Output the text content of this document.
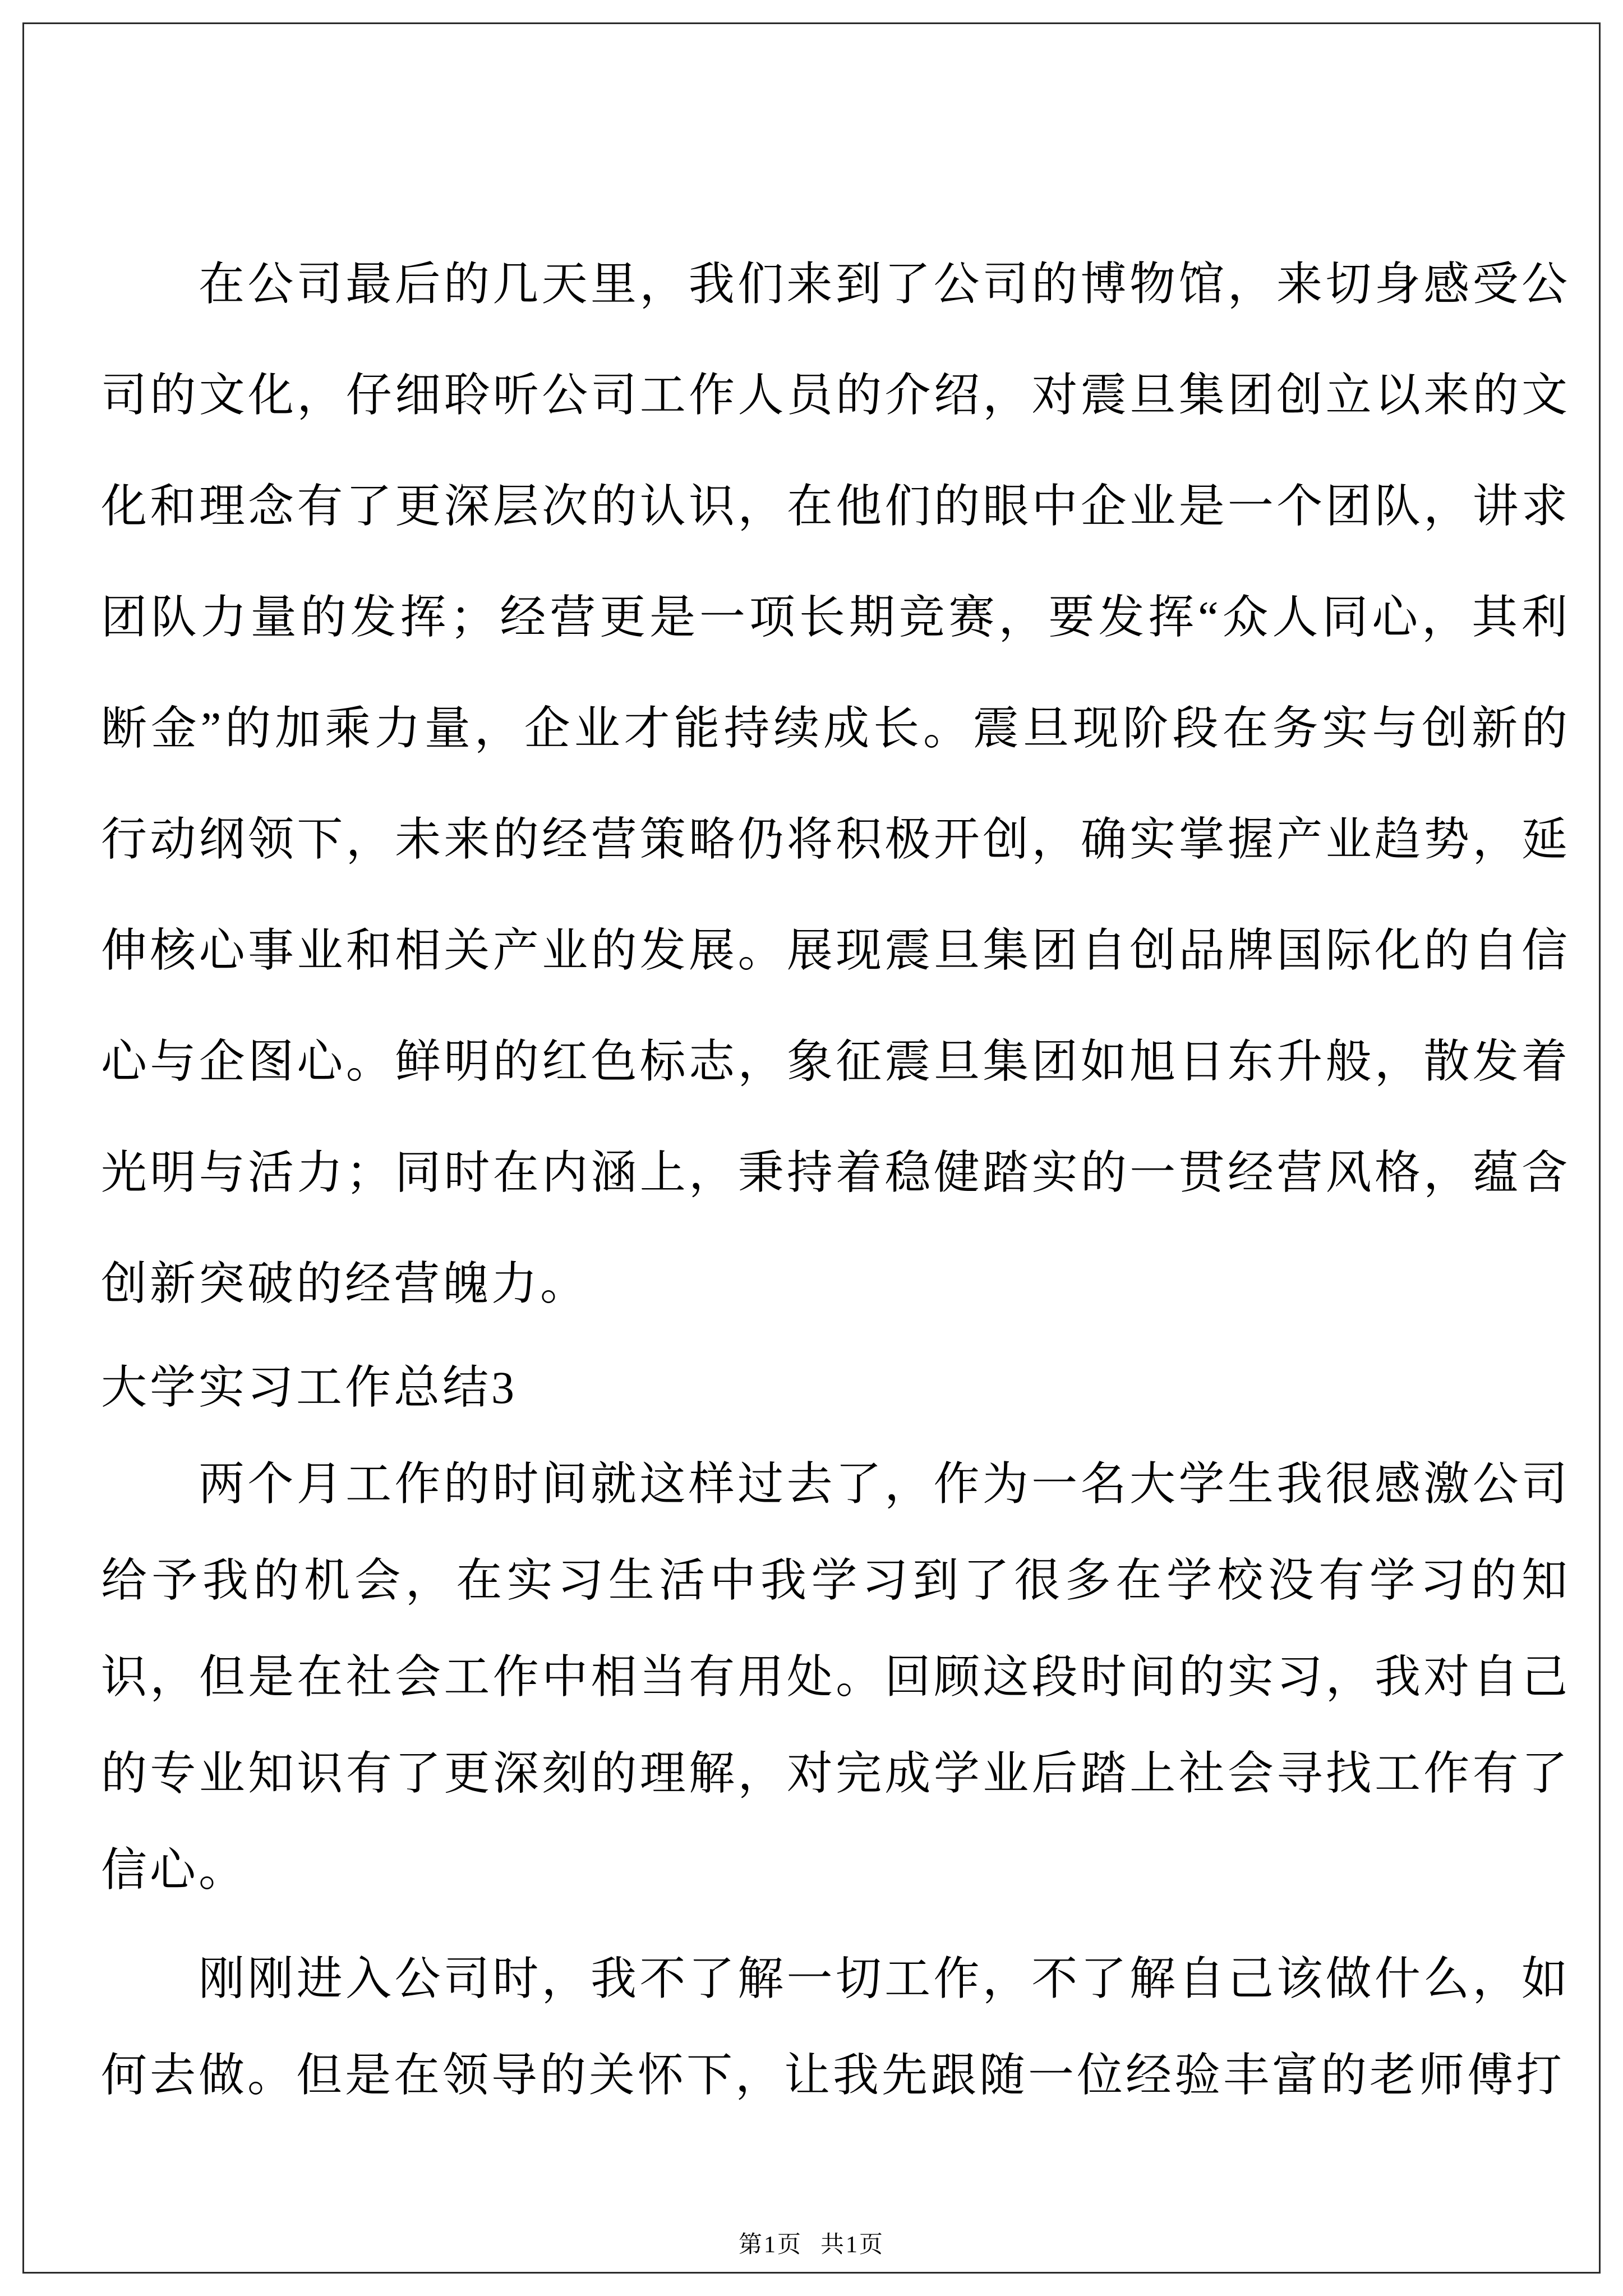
在公司最后的几天里，我们来到了公司的博物馆，来切身感受公司的文化，仔细聆听公司工作人员的介绍，对震旦集团创立以来的文化和理念有了更深层次的认识，在他们的眼中企业是一个团队，讲求团队力量的发挥；经营更是一项长期竞赛，要发挥“众人同心，其利断金”的加乘力量，企业才能持续成长。震旦现阶段在务实与创新的行动纲领下，未来的经营策略仍将积极开创，确实掌握产业趋势，延伸核心事业和相关产业的发展。展现震旦集团自创品牌国际化的自信心与企图心。鲜明的红色标志，象征震旦集团如旭日东升般，散发着光明与活力；同时在内涵上，秉持着稳健踏实的一贯经营风格，蕴含创新突破的经营魄力。

大学实习工作总结3

两个月工作的时间就这样过去了，作为一名大学生我很感激公司给予我的机会，在实习生活中我学习到了很多在学校没有学习的知识，但是在社会工作中相当有用处。回顾这段时间的实习，我对自己的专业知识有了更深刻的理解，对完成学业后踏上社会寻找工作有了信心。

刚刚进入公司时，我不了解一切工作，不了解自己该做什么，如何去做。但是在领导的关怀下，让我先跟随一位经验丰富的老师傅打

第1页 共1页
